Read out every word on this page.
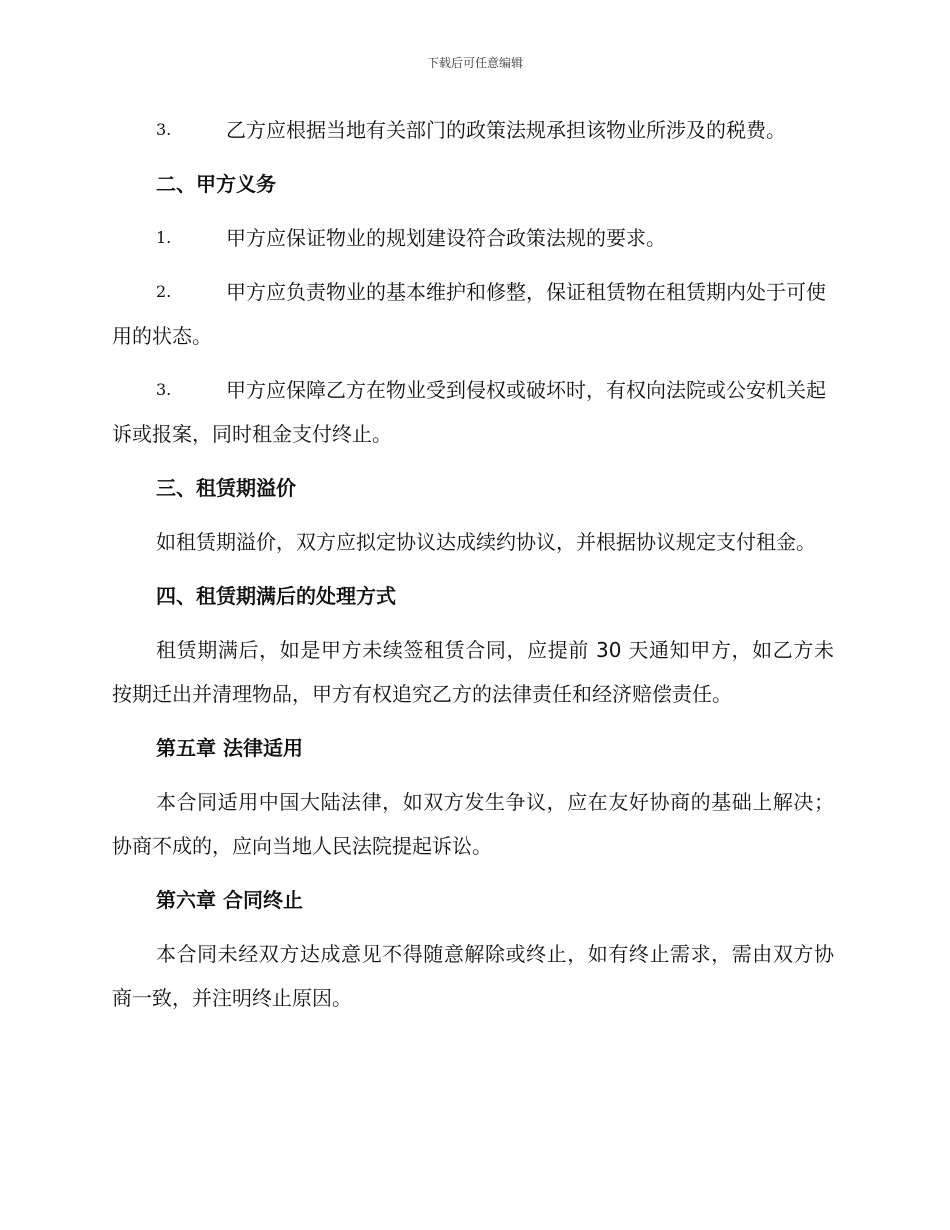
下载后可任意编辑

3.	乙方应根据当地有关部门的政策法规承担该物业所涉及的税费。

二、甲方义务

1.	甲方应保证物业的规划建设符合政策法规的要求。

2.	甲方应负责物业的基本维护和修整，保证租赁物在租赁期内处于可使用的状态。

3.	甲方应保障乙方在物业受到侵权或破坏时，有权向法院或公安机关起诉或报案，同时租金支付终止。

三、租赁期溢价

如租赁期溢价，双方应拟定协议达成续约协议，并根据协议规定支付租金。

四、租赁期满后的处理方式

租赁期满后，如是甲方未续签租赁合同，应提前 30 天通知甲方，如乙方未按期迁出并清理物品，甲方有权追究乙方的法律责任和经济赔偿责任。

第五章 法律适用

本合同适用中国大陆法律，如双方发生争议，应在友好协商的基础上解决；协商不成的，应向当地人民法院提起诉讼。

第六章 合同终止

本合同未经双方达成意见不得随意解除或终止，如有终止需求，需由双方协商一致，并注明终止原因。
